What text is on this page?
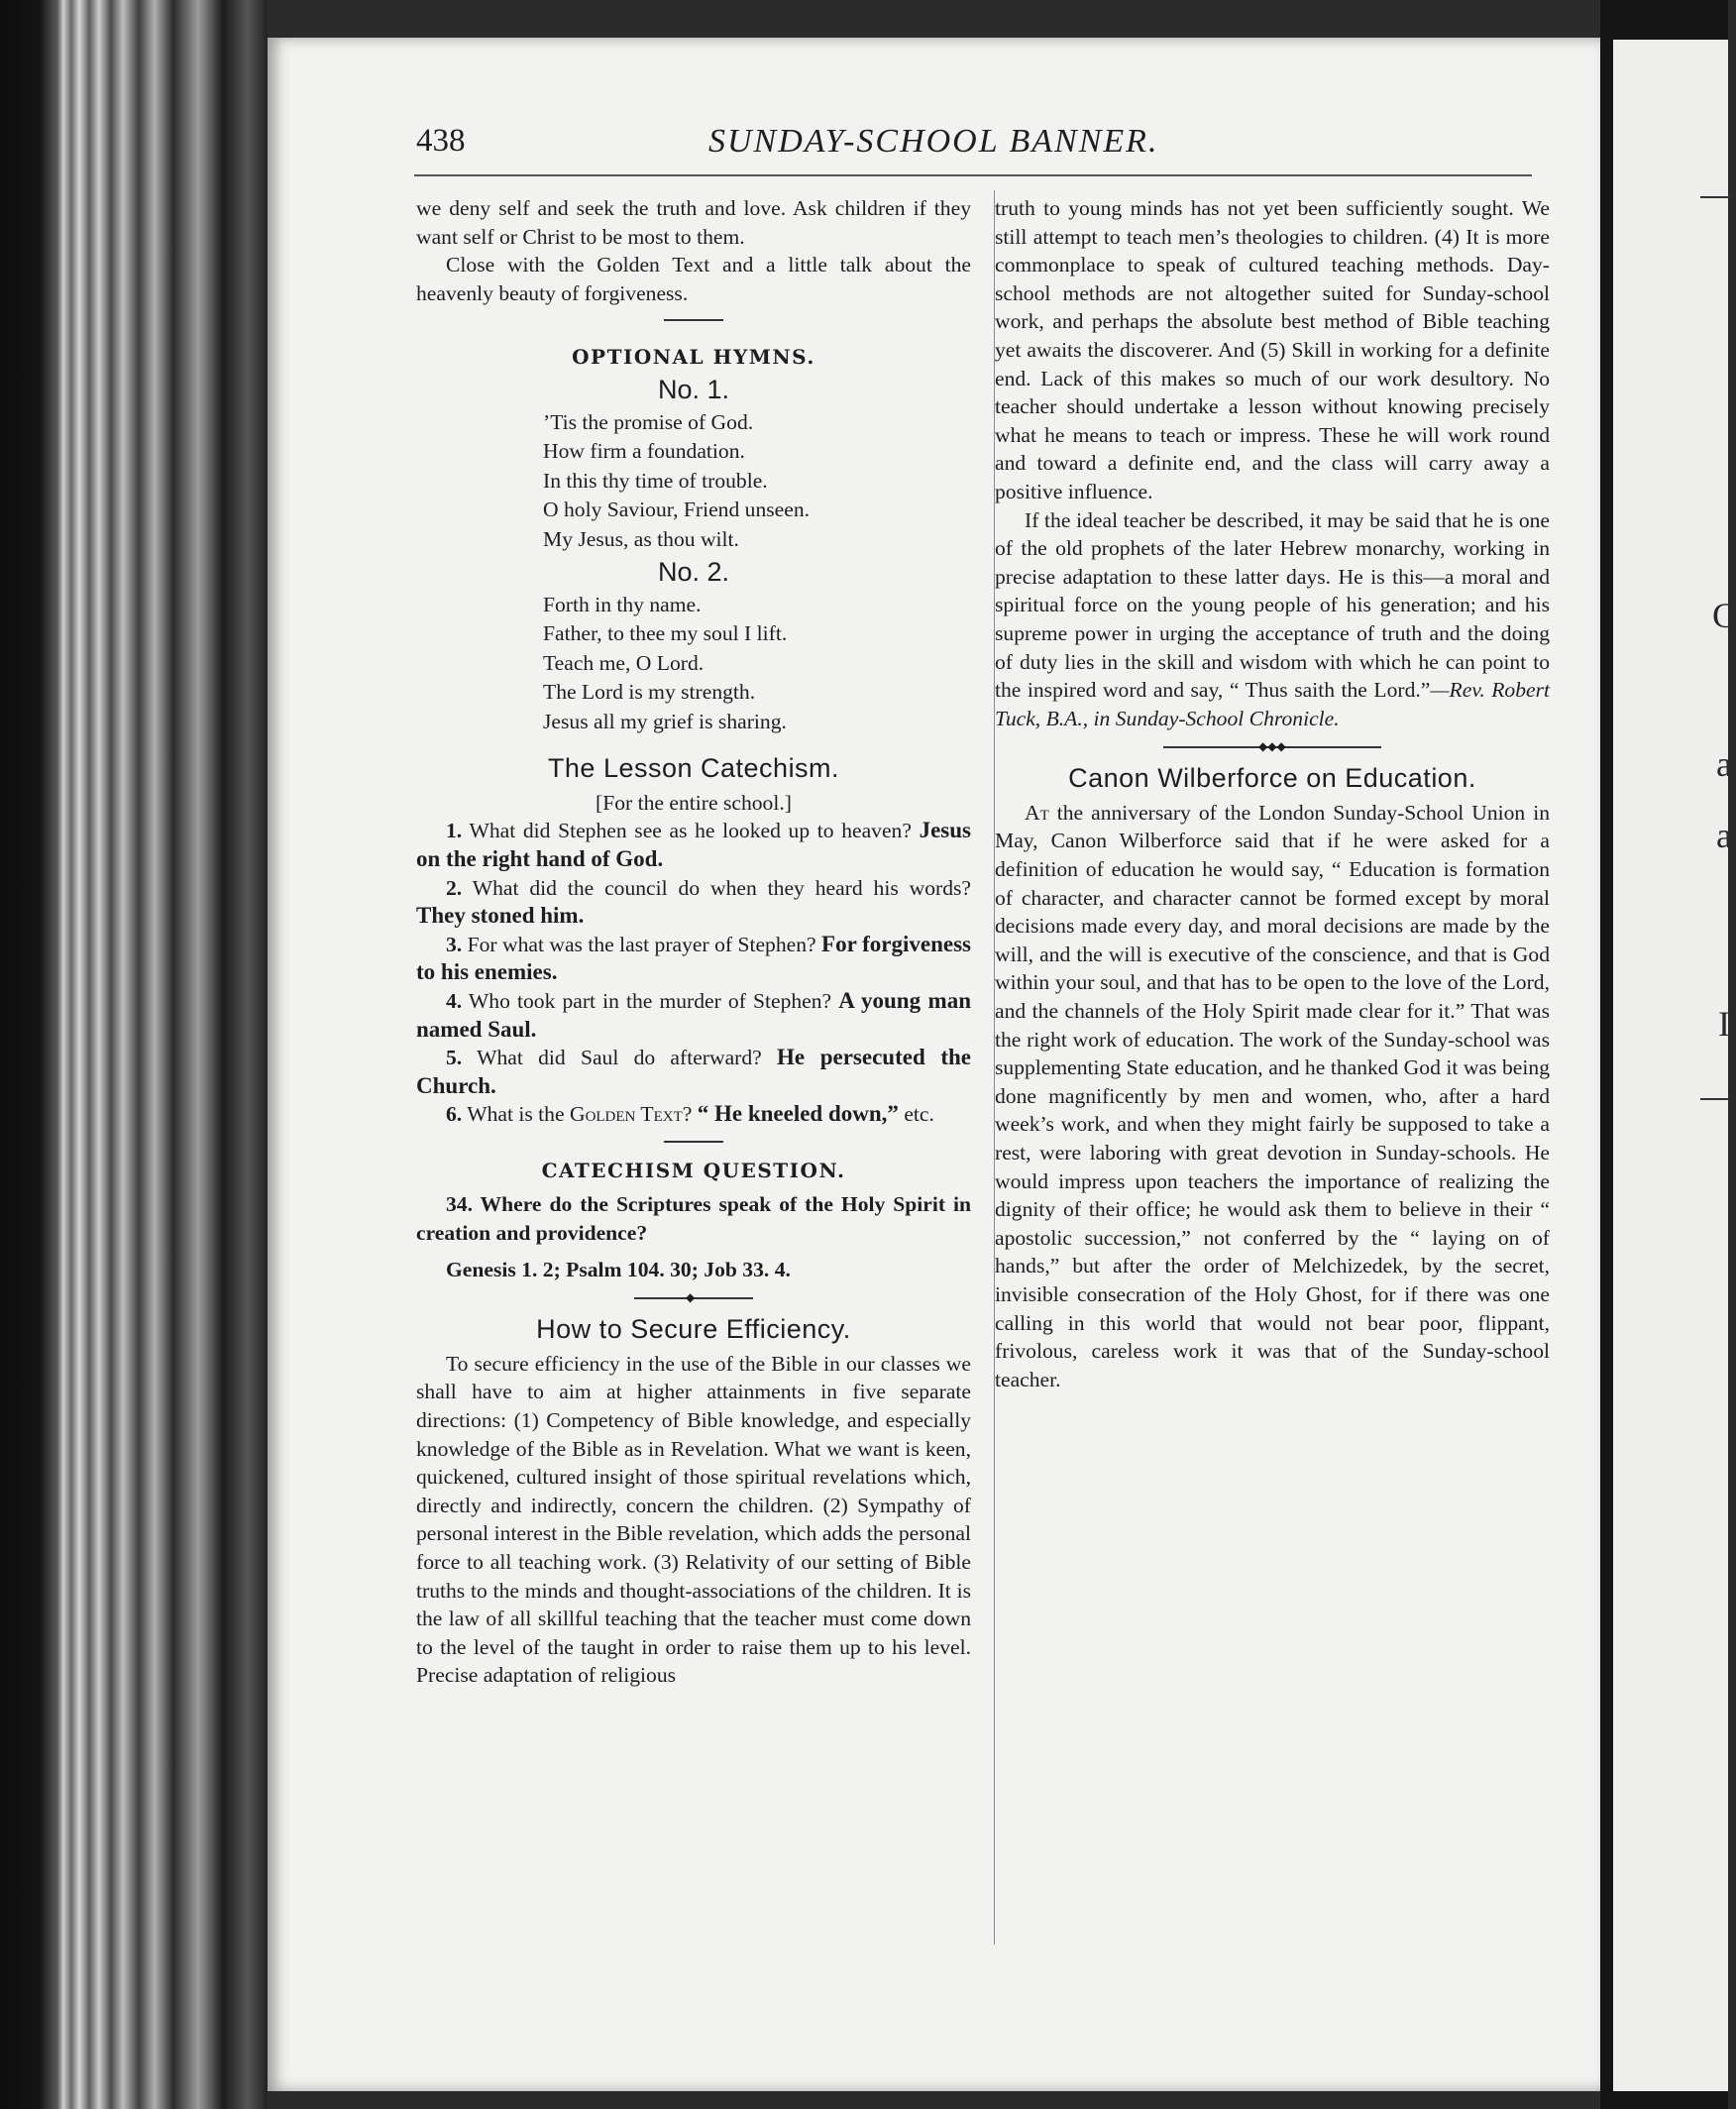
C
a
a
I
438	SUNDAY-SCHOOL BANNER.

we deny self and seek the truth and love. Ask children if they want self or Christ to be most to them.

Close with the Golden Text and a little talk about the heavenly beauty of forgiveness.

OPTIONAL HYMNS.
No. 1.
’Tis the promise of God.
How firm a foundation.
In this thy time of trouble.
O holy Saviour, Friend unseen.
My Jesus, as thou wilt.
No. 2.
Forth in thy name.
Father, to thee my soul I lift.
Teach me, O Lord.
The Lord is my strength.
Jesus all my grief is sharing.
The Lesson Catechism.

[For the entire school.]

1. What did Stephen see as he looked up to heaven? Jesus on the right hand of God.

2. What did the council do when they heard his words? They stoned him.

3. For what was the last prayer of Stephen? For forgiveness to his enemies.

4. Who took part in the murder of Stephen? A young man named Saul.

5. What did Saul do afterward? He persecuted the Church.

6. What is the Golden Text? “ He kneeled down,” etc.

CATECHISM QUESTION.

34. Where do the Scriptures speak of the Holy Spirit in creation and providence?

Genesis 1. 2; Psalm 104. 30; Job 33. 4.

◆
How to Secure Efficiency.

To secure efficiency in the use of the Bible in our classes we shall have to aim at higher attainments in five separate directions: (1) Competency of Bible knowledge, and especially knowledge of the Bible as in Revelation. What we want is keen, quickened, cultured insight of those spiritual revelations which, directly and indirectly, concern the children. (2) Sympathy of personal interest in the Bible revelation, which adds the personal force to all teaching work. (3) Relativity of our setting of Bible truths to the minds and thought-associations of the children. It is the law of all skillful teaching that the teacher must come down to the level of the taught in order to raise them up to his level. Precise adaptation of religious

truth to young minds has not yet been sufficiently sought. We still attempt to teach men’s theologies to children. (4) It is more commonplace to speak of cultured teaching methods. Day-school methods are not altogether suited for Sunday-school work, and perhaps the absolute best method of Bible teaching yet awaits the discoverer. And (5) Skill in working for a definite end. Lack of this makes so much of our work desultory. No teacher should undertake a lesson without knowing precisely what he means to teach or impress. These he will work round and toward a definite end, and the class will carry away a positive influence.

If the ideal teacher be described, it may be said that he is one of the old prophets of the later Hebrew monarchy, working in precise adaptation to these latter days. He is this—a moral and spiritual force on the young people of his generation; and his supreme power in urging the acceptance of truth and the doing of duty lies in the skill and wisdom with which he can point to the inspired word and say, “ Thus saith the Lord.”—Rev. Robert Tuck, B.A., in Sunday-School Chronicle.

◆◆◆
Canon Wilberforce on Education.

At the anniversary of the London Sunday-School Union in May, Canon Wilberforce said that if he were asked for a definition of education he would say, “ Education is formation of character, and character cannot be formed except by moral decisions made every day, and moral decisions are made by the will, and the will is executive of the conscience, and that is God within your soul, and that has to be open to the love of the Lord, and the channels of the Holy Spirit made clear for it.” That was the right work of education. The work of the Sunday-school was supplementing State education, and he thanked God it was being done magnificently by men and women, who, after a hard week’s work, and when they might fairly be supposed to take a rest, were laboring with great devotion in Sunday-schools. He would impress upon teachers the importance of realizing the dignity of their office; he would ask them to believe in their “ apostolic succession,” not conferred by the “ laying on of hands,” but after the order of Melchizedek, by the secret, invisible consecration of the Holy Ghost, for if there was one calling in this world that would not bear poor, flippant, frivolous, careless work it was that of the Sunday-school teacher.
